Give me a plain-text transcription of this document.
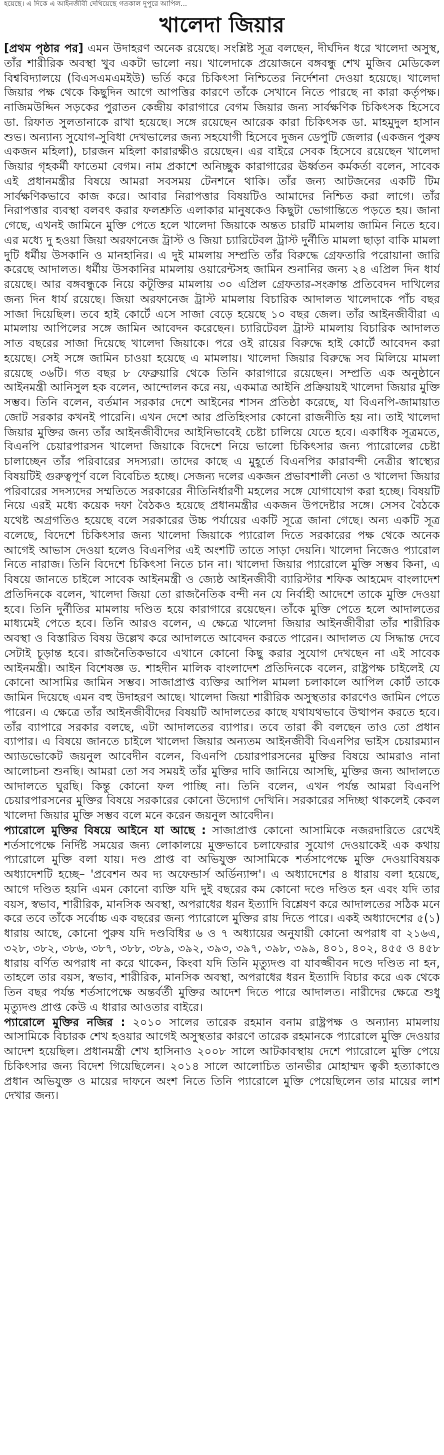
হয়েছে। এ দিকে এ আইনজীবী দেখিয়েছে গতকাল দুপুরে আপিল...
খালেদা জিয়ার

[প্রথম পৃষ্ঠার পর] এমন উদাহরণ অনেক রয়েছে। সংশ্লিষ্ট সূত্র বলছেন, দীর্ঘদিন ধরে খালেদা অসুস্থ, তাঁর শারীরিক অবস্থা খুব একটা ভালো নয়। খালেদাকে প্রয়োজনে বঙ্গবন্ধু শেখ মুজিব মেডিকেল বিশ্ববিদ্যালয়ে (বিএসএমএমইউ) ভর্তি করে চিকিৎসা নিশ্চিতের নির্দেশনা দেওয়া হয়েছে। খালেদা জিয়ার পক্ষ থেকে কিছুদিন আগে আপত্তির কারণে তাঁকে সেখানে নিতে পারছে না কারা কর্তৃপক্ষ। নাজিমউদ্দিন সড়কের পুরাতন কেন্দ্রীয় কারাগারে বেগম জিয়ার জন্য সার্বক্ষণিক চিকিৎসক হিসেবে ডা. রিফাত সুলতানাকে রাখা হয়েছে। সঙ্গে রয়েছেন আরেক কারা চিকিৎসক ডা. মাহমুদুল হাসান শুভ। অন্যান্য সুযোগ-সুবিধা দেখভালের জন্য সহযোগী হিসেবে দুজন ডেপুটি জেলার (একজন পুরুষ একজন মহিলা), চারজন মহিলা কারারক্ষীও রয়েছেন। এর বাইরে সেবক হিসেবে রয়েছেন খালেদা জিয়ার গৃহকর্মী ফাতেমা বেগম। নাম প্রকাশে অনিচ্ছুক কারাগারের ঊর্ধ্বতন কর্মকর্তা বলেন, সাবেক এই প্রধানমন্ত্রীর বিষয়ে আমরা সবসময় টেনশনে থাকি। তাঁর জন্য আটজনের একটি টিম সার্বক্ষণিকভাবে কাজ করে। আবার নিরাপত্তার বিষয়টিও আমাদের নিশ্চিত করা লাগে। তাঁর নিরাপত্তার ব্যবস্থা বলবৎ করার ফলশ্রুতি এলাকার মানুষকেও কিছুটা ভোগান্তিতে পড়তে হয়। জানা গেছে, এখনই জামিনে মুক্তি পেতে হলে খালেদা জিয়াকে অন্তত চারটি মামলায় জামিন নিতে হবে। এর মধ্যে দু হওয়া জিয়া অরফানেজ ট্রাস্ট ও জিয়া চ্যারিটেবল ট্রাস্ট দুর্নীতি মামলা ছাড়া বাকি মামলা দুটি ধর্মীয় উসকানি ও মানহানির। এ দুই মামলায় সম্প্রতি তাঁর বিরুদ্ধে গ্রেফতারি পরোয়ানা জারি করেছে আদালত। ধর্মীয় উসকানির মামলায় ওয়ারেন্টসহ জামিন শুনানির জন্য ২৪ এপ্রিল দিন ধার্য রয়েছে। আর বঙ্গবন্ধুকে নিয়ে কটূক্তির মামলায় ৩০ এপ্রিল গ্রেফতার-সংক্রান্ত প্রতিবেদন দাখিলের জন্য দিন ধার্য রয়েছে। জিয়া অরফানেজ ট্রাস্ট মামলায় বিচারিক আদালত খালেদাকে পাঁচ বছর সাজা দিয়েছিল। তবে হাই কোর্টে এসে সাজা বেড়ে হয়েছে ১০ বছর জেল। তাঁর আইনজীবীরা এ মামলায় আপিলের সঙ্গে জামিন আবেদন করেছেন। চ্যারিটেবল ট্রাস্ট মামলায় বিচারিক আদালত সাত বছরের সাজা দিয়েছে খালেদা জিয়াকে। পরে ওই রায়ের বিরুদ্ধে হাই কোর্টে আবেদন করা হয়েছে। সেই সঙ্গে জামিন চাওয়া হয়েছে এ মামলায়। খালেদা জিয়ার বিরুদ্ধে সব মিলিয়ে মামলা রয়েছে ৩৬টি। গত বছর ৮ ফেব্রুয়ারি থেকে তিনি কারাগারে রয়েছেন। সম্প্রতি এক অনুষ্ঠানে আইনমন্ত্রী আনিসুল হক বলেন, আন্দোলন করে নয়, একমাত্র আইনি প্রক্রিয়ায়ই খালেদা জিয়ার মুক্তি সম্ভব। তিনি বলেন, বর্তমান সরকার দেশে আইনের শাসন প্রতিষ্ঠা করেছে, যা বিএনপি-জামায়াত জোট সরকার কখনই পারেনি। এখন দেশে আর প্রতিহিংসার কোনো রাজনীতি হয় না। তাই খালেদা জিয়ার মুক্তির জন্য তাঁর আইনজীবীদের আইনিভাবেই চেষ্টা চালিয়ে যেতে হবে। একাধিক সূত্রমতে, বিএনপি চেয়ারপারসন খালেদা জিয়াকে বিদেশে নিয়ে ভালো চিকিৎসার জন্য প্যারোলের চেষ্টা চালাচ্ছেন তাঁর পরিবারের সদস্যরা। তাদের কাছে এ মুহূর্তে বিএনপির কারাবন্দী নেত্রীর স্বাস্থ্যের বিষয়টিই গুরুত্বপূর্ণ বলে বিবেচিত হচ্ছে। সেজন্য দলের একজন প্রভাবশালী নেতা ও খালেদা জিয়ার পরিবারের সদস্যদের সম্মতিতে সরকারের নীতিনির্ধারণী মহলের সঙ্গে যোগাযোগ করা হচ্ছে। বিষয়টি নিয়ে এরই মধ্যে কয়েক দফা বৈঠকও হয়েছে প্রধানমন্ত্রীর একজন উপদেষ্টার সঙ্গে। সেসব বৈঠকে যথেষ্ট অগ্রগতিও হয়েছে বলে সরকারের উচ্চ পর্যায়ের একটি সূত্রে জানা গেছে। অন্য একটি সূত্র বলেছে, বিদেশে চিকিৎসার জন্য খালেদা জিয়াকে প্যারোল দিতে সরকারের পক্ষ থেকে অনেক আগেই আভাস দেওয়া হলেও বিএনপির এই অংশটি তাতে সাড়া দেয়নি। খালেদা নিজেও প্যারোল নিতে নারাজ। তিনি বিদেশে চিকিৎসা নিতে চান না। খালেদা জিয়ার প্যারোলে মুক্তি সম্ভব কিনা, এ বিষয়ে জানতে চাইলে সাবেক আইনমন্ত্রী ও জ্যেষ্ঠ আইনজীবী ব্যারিস্টার শফিক আহমেদ বাংলাদেশ প্রতিদিনকে বলেন, খালেদা জিয়া তো রাজনৈতিক বন্দী নন যে নির্বাহী আদেশে তাকে মুক্তি দেওয়া হবে। তিনি দুর্নীতির মামলায় দণ্ডিত হয়ে কারাগারে রয়েছেন। তাঁকে মুক্তি পেতে হলে আদালতের মাধ্যমেই পেতে হবে। তিনি আরও বলেন, এ ক্ষেত্রে খালেদা জিয়ার আইনজীবীরা তাঁর শারীরিক অবস্থা ও বিস্তারিত বিষয় উল্লেখ করে আদালতে আবেদন করতে পারেন। আদালত যে সিদ্ধান্ত দেবে সেটাই চূড়ান্ত হবে। রাজনৈতিকভাবে এখানে কোনো কিছু করার সুযোগ দেখছেন না এই সাবেক আইনমন্ত্রী। আইন বিশেষজ্ঞ ড. শাহদীন মালিক বাংলাদেশ প্রতিদিনকে বলেন, রাষ্ট্রপক্ষ চাইলেই যে কোনো আসামির জামিন সম্ভব। সাজাপ্রাপ্ত ব্যক্তির আপিল মামলা চলাকালে আপিল কোর্ট তাকে জামিন দিয়েছে এমন বহু উদাহরণ আছে। খালেদা জিয়া শারীরিক অসুস্থতার কারণেও জামিন পেতে পারেন। এ ক্ষেত্রে তাঁর আইনজীবীদের বিষয়টি আদালতের কাছে যথাযথভাবে উত্থাপন করতে হবে। তাঁর ব্যাপারে সরকার বলছে, এটা আদালতের ব্যাপার। তবে তারা কী বলছেন তাও তো প্রধান ব্যাপার। এ বিষয়ে জানতে চাইলে খালেদা জিয়ার অন্যতম আইনজীবী বিএনপির ভাইস চেয়ারম্যান অ্যাডভোকেট জয়নুল আবেদীন বলেন, বিএনপি চেয়ারপারসনের মুক্তির বিষয়ে আমরাও নানা আলোচনা শুনছি। আমরা তো সব সময়ই তাঁর মুক্তির দাবি জানিয়ে আসছি, মুক্তির জন্য আদালতে আদালতে ঘুরছি। কিন্তু কোনো ফল পাচ্ছি না। তিনি বলেন, এখন পর্যন্ত আমরা বিএনপি চেয়ারপারসনের মুক্তির বিষয়ে সরকারের কোনো উদ্যোগ দেখিনি। সরকারের সদিচ্ছা থাকলেই কেবল খালেদা জিয়ার মুক্তি সম্ভব বলে মনে করেন জয়নুল আবেদীন।

প্যারোলে মুক্তির বিষয়ে আইনে যা আছে : সাজাপ্রাপ্ত কোনো আসামিকে নজরদারিতে রেখেই শর্তসাপেক্ষে নির্দিষ্ট সময়ের জন্য লোকালয়ে মুক্তভাবে চলাফেরার সুযোগ দেওয়াকেই এক কথায় প্যারোলে মুক্তি বলা যায়। দণ্ড প্রাপ্ত বা অভিযুক্ত আসামিকে শর্তসাপেক্ষে মুক্তি দেওয়াবিষয়ক অধ্যাদেশটি হচ্ছে– 'প্রবেশন অব দ্য অফেন্ডার্স অর্ডিন্যান্স'। এ অধ্যাদেশের ৪ ধারায় বলা হয়েছে, আগে দণ্ডিত হয়নি এমন কোনো ব্যক্তি যদি দুই বছরের কম কোনো দণ্ডে দণ্ডিত হন এবং যদি তার বয়স, স্বভাব, শারীরিক, মানসিক অবস্থা, অপরাধের ধরন ইত্যাদি বিশ্লেষণ করে আদালতের সঠিক মনে করে তবে তাঁকে সর্বোচ্চ এক বছরের জন্য প্যারোলে মুক্তির রায় দিতে পারে। একই অধ্যাদেশের ৫(১) ধারায় আছে, কোনো পুরুষ যদি দণ্ডবিধির ৬ ও ৭ অধ্যায়ের অনুযায়ী কোনো অপরাধ বা ২১৬এ, ৩২৮, ৩৮২, ৩৮৬, ৩৮৭, ৩৮৮, ৩৮৯, ৩৯২, ৩৯৩, ৩৯৭, ৩৯৮, ৩৯৯, ৪০১, ৪০২, ৪৫৫ ও ৪৫৮ ধারায় বর্ণিত অপরাধ না করে থাকেন, কিংবা যদি তিনি মৃত্যুদণ্ড বা যাবজ্জীবন দণ্ডে দণ্ডিত না হন, তাহলে তার বয়স, স্বভাব, শারীরিক, মানসিক অবস্থা, অপরাধের ধরন ইত্যাদি বিচার করে এক থেকে তিন বছর পর্যন্ত শর্তসাপেক্ষে অন্তর্বর্তী মুক্তির আদেশ দিতে পারে আদালত। নারীদের ক্ষেত্রে শুধু মৃত্যুদণ্ড প্রাপ্ত কেউ এ ধারার আওতার বাইরে।

প্যারোলে মুক্তির নজির : ২০১০ সালের তারেক রহমান বনাম রাষ্ট্রপক্ষ ও অন্যান্য মামলায় আসামিকে বিচারক শেখ হওয়ার আগেই অসুস্থতার কারণে তারেক রহমানকে প্যারোলে মুক্তি দেওয়ার আদেশ হয়েছিল। প্রধানমন্ত্রী শেখ হাসিনাও ২০০৮ সালে আটকাবস্থায় দেশে প্যারোলে মুক্তি পেয়ে চিকিৎসার জন্য বিদেশ গিয়েছিলেন। ২০১৪ সালে আলোচিত তানভীর মোহাম্মদ ত্বকী হত্যাকাণ্ডে প্রধান অভিযুক্ত ও মায়ের দাফনে অংশ নিতে তিনি প্যারোলে মুক্তি পেয়েছিলেন তার মায়ের লাশ দেখার জন্য।
